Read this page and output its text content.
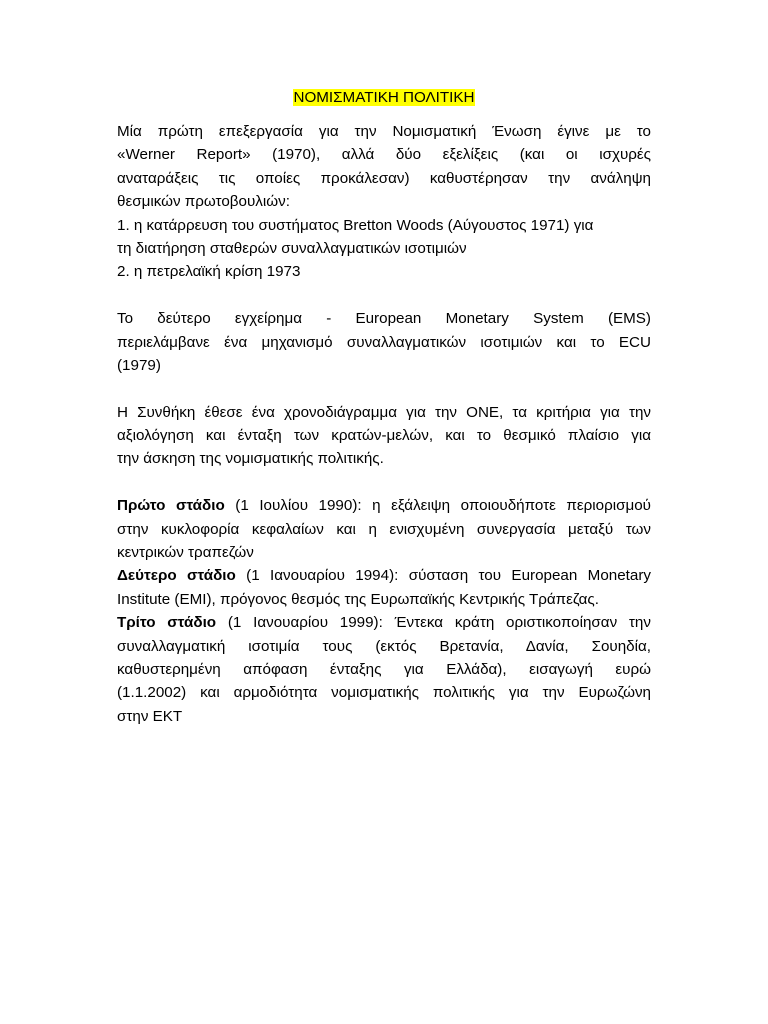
ΝΟΜΙΣΜΑΤΙΚΗ ΠΟΛΙΤΙΚΗ
Μία πρώτη επεξεργασία για την Νομισματική Ένωση έγινε με το
«Werner Report» (1970), αλλά δύο εξελίξεις (και οι ισχυρές
αναταράξεις τις οποίες προκάλεσαν) καθυστέρησαν την ανάληψη
θεσμικών πρωτοβουλιών:
1. η κατάρρευση του συστήματος Bretton Woods (Αύγουστος 1971) για
τη διατήρηση σταθερών συναλλαγματικών ισοτιμιών
2. η πετρελαϊκή κρίση 1973
Το δεύτερο εγχείρημα - European Monetary System (EMS)
περιελάμβανε ένα μηχανισμό συναλλαγματικών ισοτιμιών και το ECU
(1979)
Η Συνθήκη έθεσε ένα χρονοδιάγραμμα για την ΟΝΕ, τα κριτήρια για την
αξιολόγηση και ένταξη των κρατών-μελών, και το θεσμικό πλαίσιο για
την άσκηση της νομισματικής πολιτικής.
Πρώτο στάδιο (1 Ιουλίου 1990): η εξάλειψη οποιουδήποτε περιορισμού
στην κυκλοφορία κεφαλαίων και η ενισχυμένη συνεργασία μεταξύ των
κεντρικών τραπεζών
Δεύτερο στάδιο (1 Ιανουαρίου 1994): σύσταση του European Monetary
Institute (EMI), πρόγονος θεσμός της Ευρωπαϊκής Κεντρικής Τράπεζας.
Τρίτο στάδιο (1 Ιανουαρίου 1999): Έντεκα κράτη οριστικοποίησαν την
συναλλαγματική ισοτιμία τους (εκτός Βρετανία, Δανία, Σουηδία,
καθυστερημένη απόφαση ένταξης για Ελλάδα), εισαγωγή ευρώ
(1.1.2002) και αρμοδιότητα νομισματικής πολιτικής για την Ευρωζώνη
στην ΕΚΤ
